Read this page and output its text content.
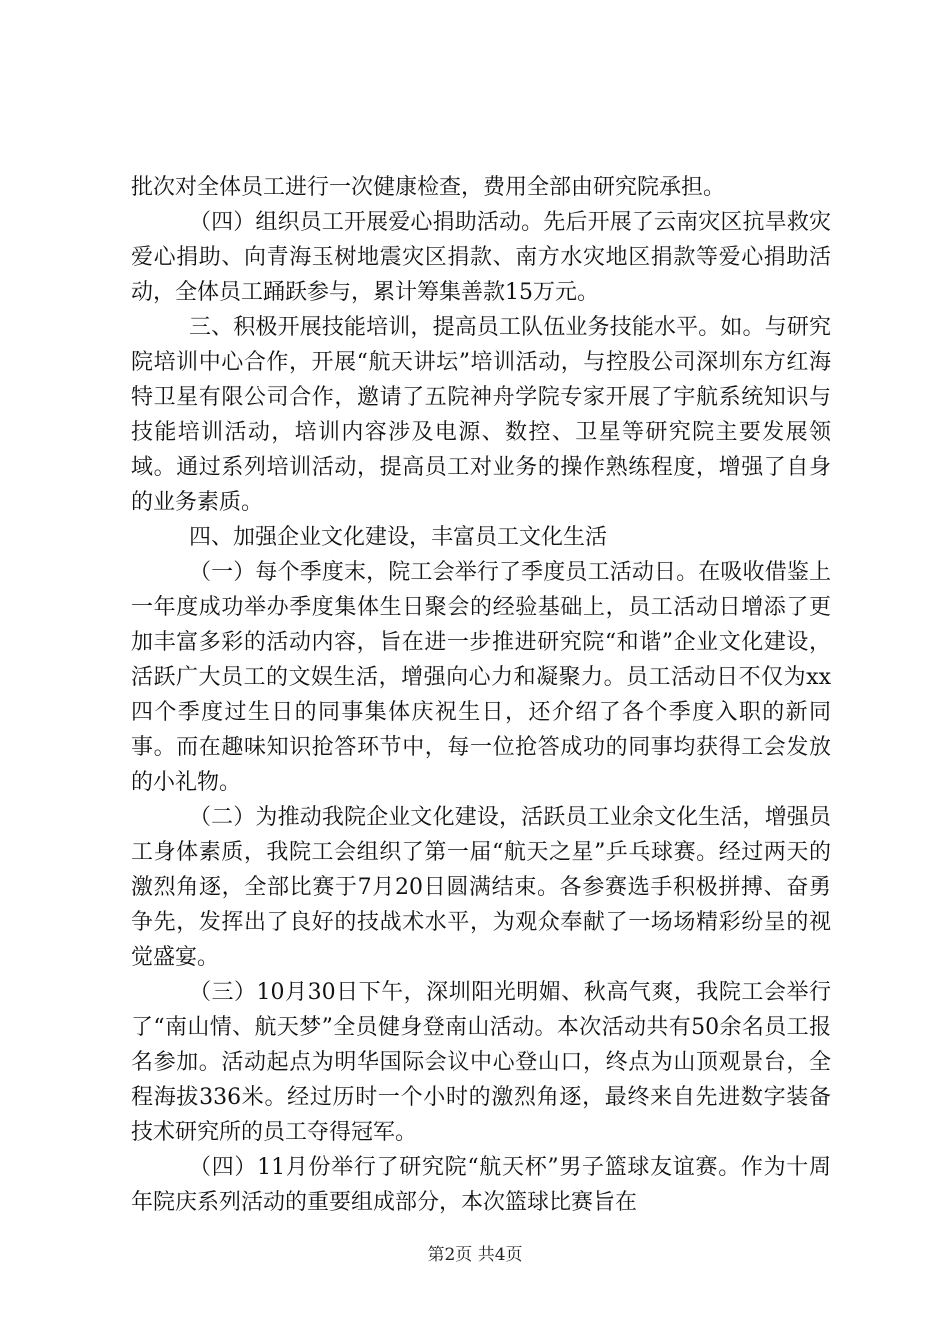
批次对全体员工进行一次健康检查，费用全部由研究院承担。

（四）组织员工开展爱心捐助活动。先后开展了云南灾区抗旱救灾爱心捐助、向青海玉树地震灾区捐款、南方水灾地区捐款等爱心捐助活动，全体员工踊跃参与，累计筹集善款15万元。

三、积极开展技能培训，提高员工队伍业务技能水平。如。与研究院培训中心合作，开展“航天讲坛”培训活动，与控股公司深圳东方红海特卫星有限公司合作，邀请了五院神舟学院专家开展了宇航系统知识与技能培训活动，培训内容涉及电源、数控、卫星等研究院主要发展领域。通过系列培训活动，提高员工对业务的操作熟练程度，增强了自身的业务素质。

四、加强企业文化建设，丰富员工文化生活

（一）每个季度末，院工会举行了季度员工活动日。在吸收借鉴上一年度成功举办季度集体生日聚会的经验基础上，员工活动日增添了更加丰富多彩的活动内容，旨在进一步推进研究院“和谐”企业文化建设，活跃广大员工的文娱生活，增强向心力和凝聚力。员工活动日不仅为xx四个季度过生日的同事集体庆祝生日，还介绍了各个季度入职的新同事。而在趣味知识抢答环节中，每一位抢答成功的同事均获得工会发放的小礼物。

（二）为推动我院企业文化建设，活跃员工业余文化生活，增强员工身体素质，我院工会组织了第一届“航天之星”乒乓球赛。经过两天的激烈角逐，全部比赛于7月20日圆满结束。各参赛选手积极拼搏、奋勇争先，发挥出了良好的技战术水平，为观众奉献了一场场精彩纷呈的视觉盛宴。

（三）10月30日下午，深圳阳光明媚、秋高气爽，我院工会举行了“南山情、航天梦”全员健身登南山活动。本次活动共有50余名员工报名参加。活动起点为明华国际会议中心登山口，终点为山顶观景台，全程海拔336米。经过历时一个小时的激烈角逐，最终来自先进数字装备技术研究所的员工夺得冠军。

（四）11月份举行了研究院“航天杯”男子篮球友谊赛。作为十周年院庆系列活动的重要组成部分，本次篮球比赛旨在

第2页 共4页
